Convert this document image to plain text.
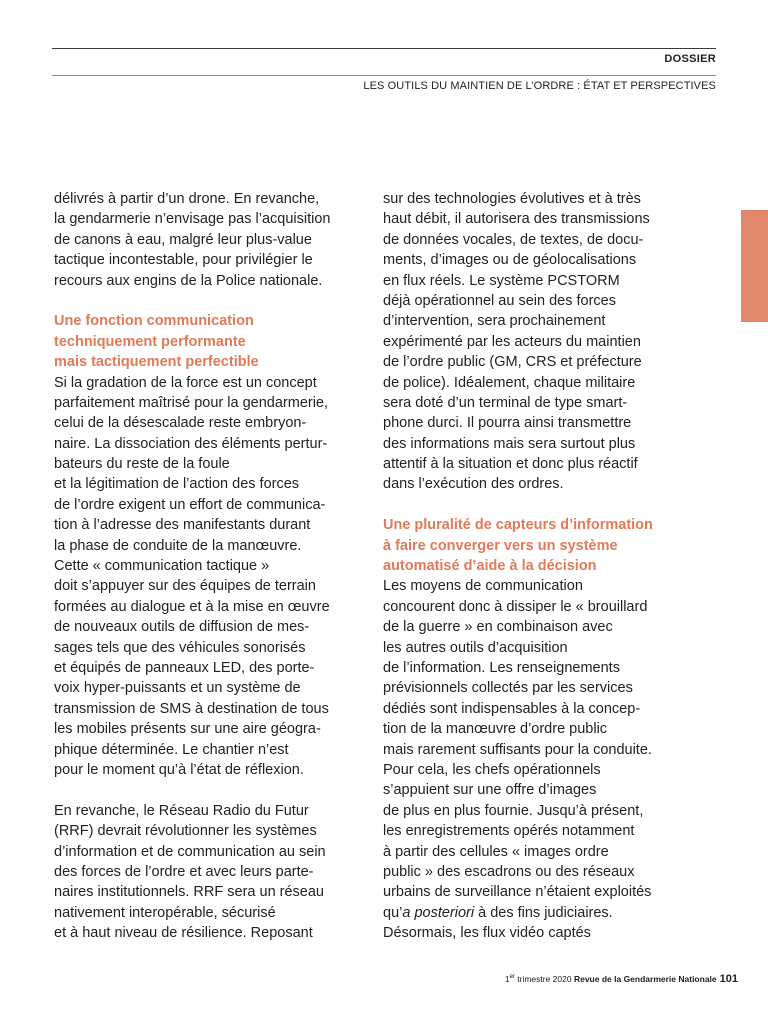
DOSSIER
LES OUTILS DU MAINTIEN DE L’ORDRE : ÉTAT ET PERSPECTIVES
délivrés à partir d’un drone. En revanche,
la gendarmerie n’envisage pas l’acquisition
de canons à eau, malgré leur plus-value
tactique incontestable, pour privilégier le
recours aux engins de la Police nationale.
Une fonction communication
techniquement performante
mais tactiquement perfectible
Si la gradation de la force est un concept
parfaitement maîtrisé pour la gendarmerie,
celui de la désescalade reste embryon-
naire. La dissociation des éléments pertur-
bateurs du reste de la foule
et la légitimation de l’action des forces
de l’ordre exigent un effort de communica-
tion à l’adresse des manifestants durant
la phase de conduite de la manœuvre.
Cette « communication tactique »
doit s’appuyer sur des équipes de terrain
formées au dialogue et à la mise en œuvre
de nouveaux outils de diffusion de mes-
sages tels que des véhicules sonorisés
et équipés de panneaux LED, des porte-
voix hyper-puissants et un système de
transmission de SMS à destination de tous
les mobiles présents sur une aire géogra-
phique déterminée. Le chantier n’est
pour le moment qu’à l’état de réflexion.
En revanche, le Réseau Radio du Futur
(RRF) devrait révolutionner les systèmes
d’information et de communication au sein
des forces de l’ordre et avec leurs parte-
naires institutionnels. RRF sera un réseau
nativement interopérable, sécurisé
et à haut niveau de résilience. Reposant
sur des technologies évolutives et à très
haut débit, il autorisera des transmissions
de données vocales, de textes, de docu-
ments, d’images ou de géolocalisations
en flux réels. Le système PCSTORM
déjà opérationnel au sein des forces
d’intervention, sera prochainement
expérimenté par les acteurs du maintien
de l’ordre public (GM, CRS et préfecture
de police). Idéalement, chaque militaire
sera doté d’un terminal de type smart-
phone durci. Il pourra ainsi transmettre
des informations mais sera surtout plus
attentif à la situation et donc plus réactif
dans l’exécution des ordres.
Une pluralité de capteurs d’information
à faire converger vers un système
automatisé d’aide à la décision
Les moyens de communication
concourent donc à dissiper le « brouillard
de la guerre » en combinaison avec
les autres outils d’acquisition
de l’information. Les renseignements
prévisionnels collectés par les services
dédiés sont indispensables à la concep-
tion de la manœuvre d’ordre public
mais rarement suffisants pour la conduite.
Pour cela, les chefs opérationnels
s’appuient sur une offre d’images
de plus en plus fournie. Jusqu’à présent,
les enregistrements opérés notamment
à partir des cellules « images ordre
public » des escadrons ou des réseaux
urbains de surveillance n’étaient exploités
qu’a posteriori à des fins judiciaires.
Désormais, les flux vidéo captés
1er trimestre 2020 Revue de la Gendarmerie Nationale 101
